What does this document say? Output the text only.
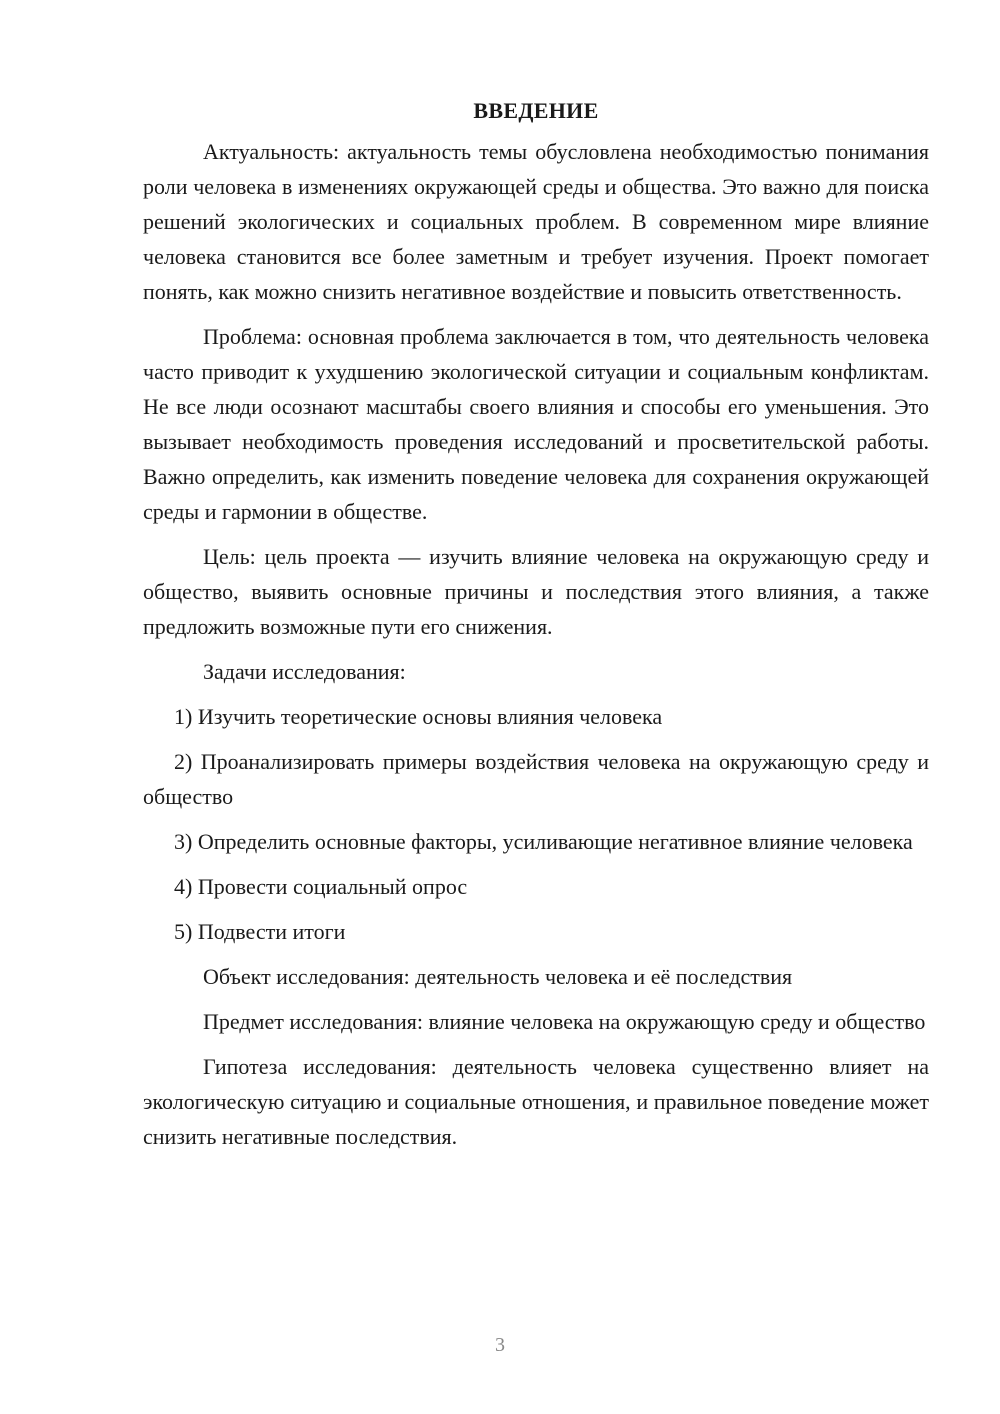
ВВЕДЕНИЕ

Актуальность: актуальность темы обусловлена необходимостью понимания роли человека в изменениях окружающей среды и общества. Это важно для поиска решений экологических и социальных проблем. В современном мире влияние человека становится все более заметным и требует изучения. Проект помогает понять, как можно снизить негативное воздействие и повысить ответственность.

Проблема: основная проблема заключается в том, что деятельность человека часто приводит к ухудшению экологической ситуации и социальным конфликтам. Не все люди осознают масштабы своего влияния и способы его уменьшения. Это вызывает необходимость проведения исследований и просветительской работы. Важно определить, как изменить поведение человека для сохранения окружающей среды и гармонии в обществе.

Цель: цель проекта — изучить влияние человека на окружающую среду и общество, выявить основные причины и последствия этого влияния, а также предложить возможные пути его снижения.

Задачи исследования:

1) Изучить теоретические основы влияния человека

2) Проанализировать примеры воздействия человека на окружающую среду и общество

3) Определить основные факторы, усиливающие негативное влияние человека

4) Провести социальный опрос

5) Подвести итоги

Объект исследования: деятельность человека и её последствия

Предмет исследования: влияние человека на окружающую среду и общество

Гипотеза исследования: деятельность человека существенно влияет на экологическую ситуацию и социальные отношения, и правильное поведение может снизить негативные последствия.

3
